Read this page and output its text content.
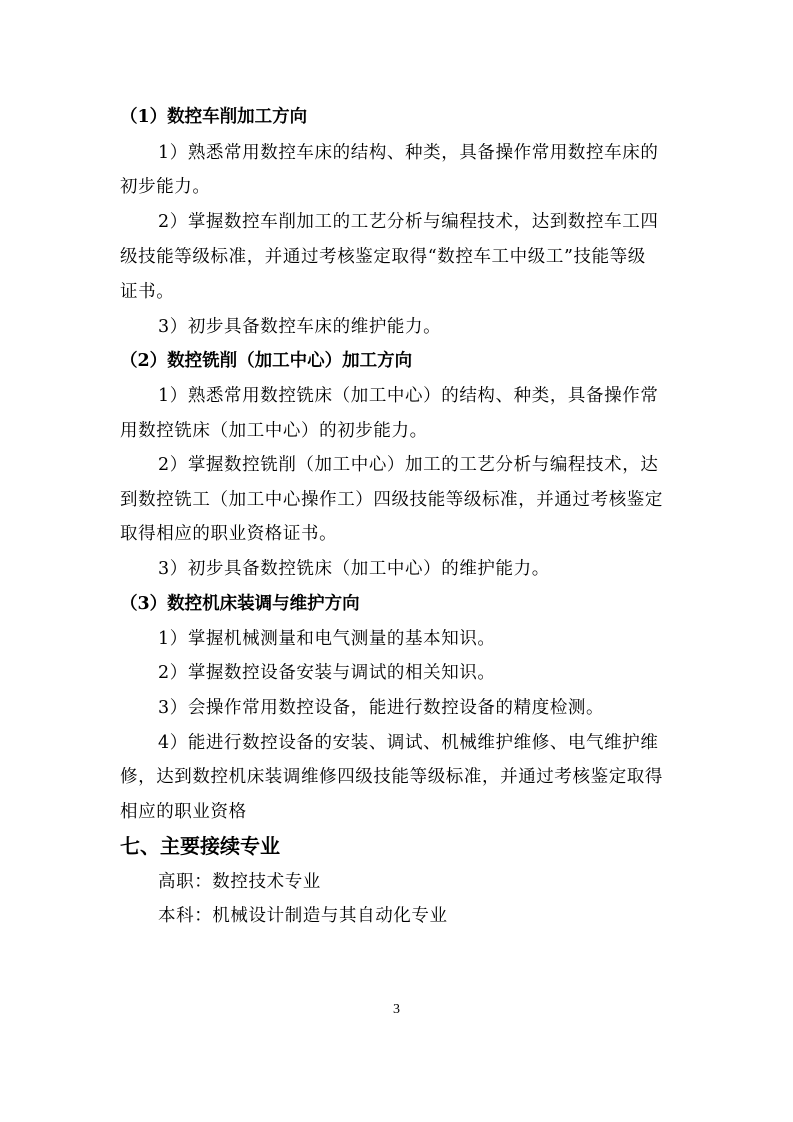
（1）数控车削加工方向

1）熟悉常用数控车床的结构、种类，具备操作常用数控车床的

初步能力。

2）掌握数控车削加工的工艺分析与编程技术，达到数控车工四

级技能等级标准，并通过考核鉴定取得“数控车工中级工”技能等级

证书。

3）初步具备数控车床的维护能力。

（2）数控铣削（加工中心）加工方向

1）熟悉常用数控铣床（加工中心）的结构、种类，具备操作常

用数控铣床（加工中心）的初步能力。

2）掌握数控铣削（加工中心）加工的工艺分析与编程技术，达

到数控铣工（加工中心操作工）四级技能等级标准，并通过考核鉴定

取得相应的职业资格证书。

3）初步具备数控铣床（加工中心）的维护能力。

（3）数控机床装调与维护方向

1）掌握机械测量和电气测量的基本知识。

2）掌握数控设备安装与调试的相关知识。

3）会操作常用数控设备，能进行数控设备的精度检测。

4）能进行数控设备的安装、调试、机械维护维修、电气维护维

修，达到数控机床装调维修四级技能等级标准，并通过考核鉴定取得

相应的职业资格

七、主要接续专业

高职：数控技术专业

本科：机械设计制造与其自动化专业

3
